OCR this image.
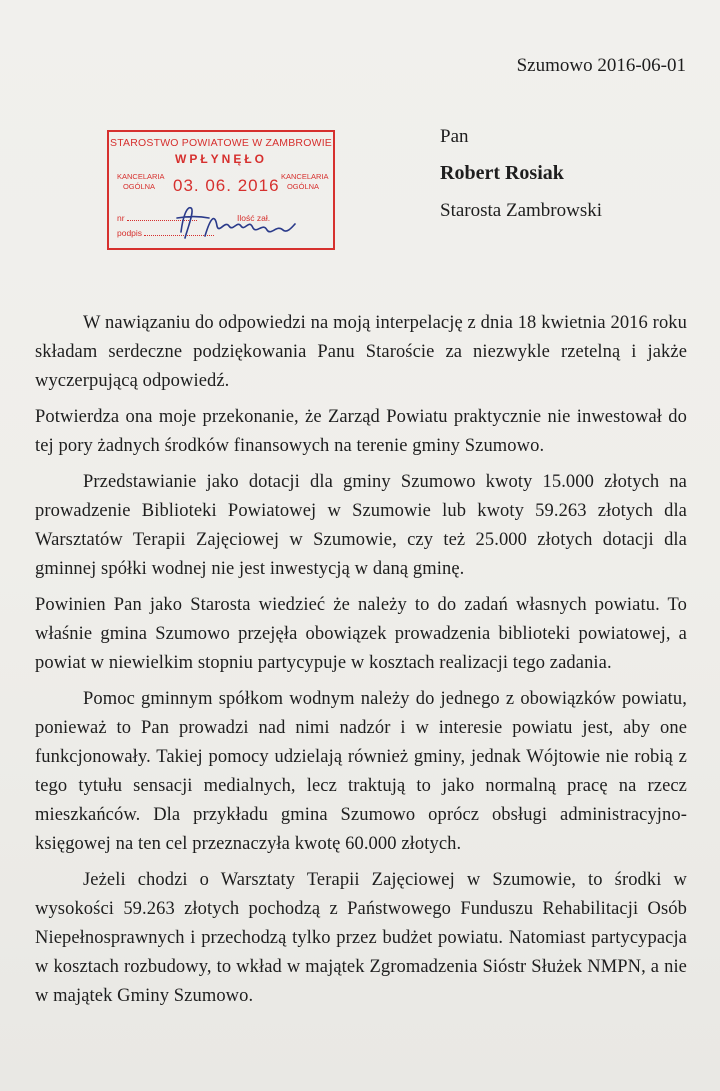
Szumowo 2016-06-01
STAROSTWO POWIATOWE W ZAMBROWIE
WPŁYNĘŁO
KANCELARIA OGÓLNA	03. 06. 2016 KANCELARIA OGÓLNA
nr	Ilość zał.
podpis
Pan
Robert Rosiak
Starosta Zambrowski

W nawiązaniu do odpowiedzi na moją interpelację z dnia 18 kwietnia 2016 roku składam serdeczne podziękowania Panu Staroście za niezwykle rzetelną i jakże wyczerpującą odpowiedź.

Potwierdza ona moje przekonanie, że Zarząd Powiatu praktycznie nie inwestował do tej pory żadnych środków finansowych na terenie gminy Szumowo.

Przedstawianie jako dotacji dla gminy Szumowo kwoty 15.000 złotych na prowadzenie Biblioteki Powiatowej w Szumowie lub kwoty 59.263 złotych dla Warsztatów Terapii Zajęciowej w Szumowie, czy też 25.000 złotych dotacji dla gminnej spółki wodnej nie jest inwestycją w daną gminę.

Powinien Pan jako Starosta wiedzieć że należy to do zadań własnych powiatu. To właśnie gmina Szumowo przejęła obowiązek prowadzenia biblioteki powiatowej, a powiat w niewielkim stopniu partycypuje w kosztach realizacji tego zadania.

Pomoc gminnym spółkom wodnym należy do jednego z obowiązków powiatu, ponieważ to Pan prowadzi nad nimi nadzór i w interesie powiatu jest, aby one funkcjonowały. Takiej pomocy udzielają również gminy, jednak Wójtowie nie robią z tego tytułu sensacji medialnych, lecz traktują to jako normalną pracę na rzecz mieszkańców. Dla przykładu gmina Szumowo oprócz obsługi administracyjno-księgowej na ten cel przeznaczyła kwotę 60.000 złotych.

Jeżeli chodzi o Warsztaty Terapii Zajęciowej w Szumowie, to środki w wysokości 59.263 złotych pochodzą z Państwowego Funduszu Rehabilitacji Osób Niepełnosprawnych i przechodzą tylko przez budżet powiatu. Natomiast partycypacja w kosztach rozbudowy, to wkład w majątek Zgromadzenia Sióstr Służek NMPN, a nie w majątek Gminy Szumowo.
